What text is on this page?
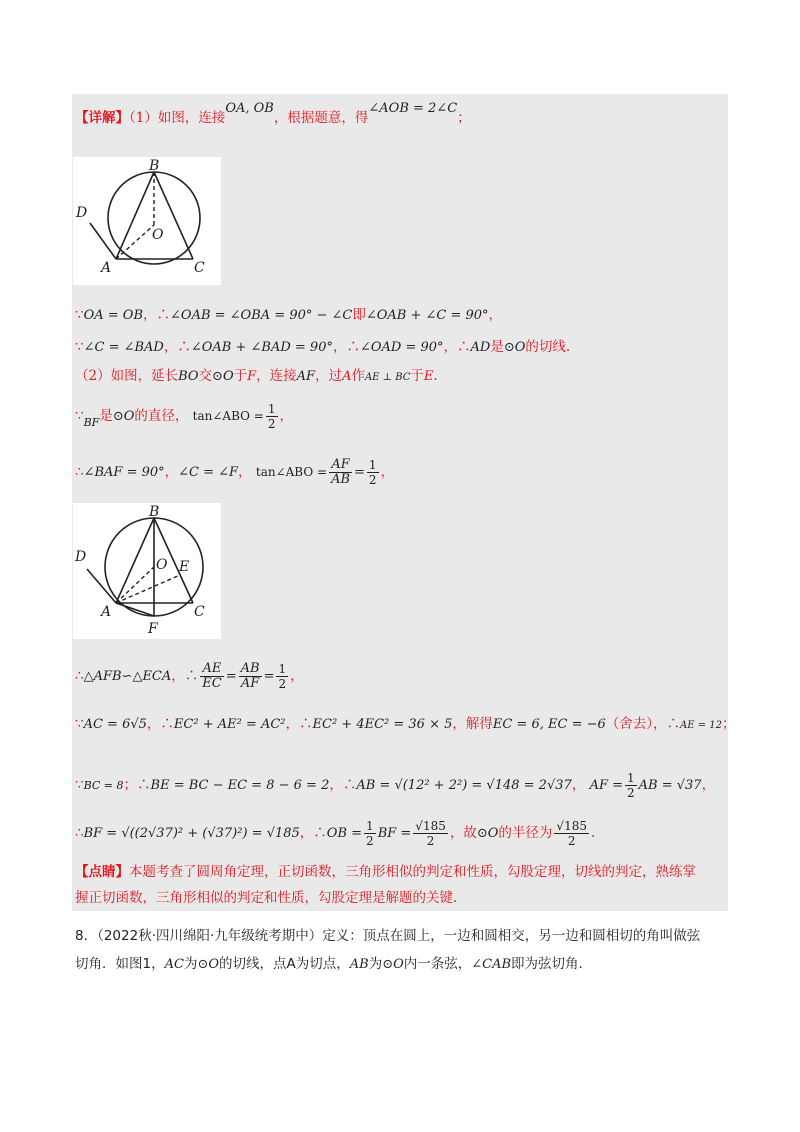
【详解】（1）如图，连接OA, OB，根据题意，得∠AOB = 2∠C；
B
D
O
A	C
∵OA = OB，∴∠OAB = ∠OBA = 90° − ∠C即∠OAB + ∠C = 90°，
∵∠C = ∠BAD，∴∠OAB + ∠BAD = 90°，∴∠OAD = 90°，∴AD是⊙O的切线.
（2）如图，延长BO交⊙O于F，连接AF，过A作AE ⊥ BC于E.
$\because_{BF}$是⊙O的直径， tan∠ABO = $\frac{1}{2}$ ，
∴∠BAF = 90°，∠C = ∠F， tan∠ABO = $\frac{AF}{AB} = \frac{1}{2}$ ，
B
D	O E
A	C
F
∴△AFB∽△ECA，∴ $\frac{AE}{EC} = \frac{AB}{AF} = \frac{1}{2}$ ，
∵AC = 6√5，∴EC² + AE² = AC²，∴EC² + 4EC² = 36 × 5，解得EC = 6, EC = −6（舍去），∴AE = 12；
∵BC = 8；∴BE = BC − EC = 8 − 6 = 2，∴AB = √(12² + 2²) = √148 = 2√37， AF = $\frac{1}{2}$ AB = √37，
∴BF = √((2√37)² + (√37)²) = √185，∴OB = $\frac{1}{2}$ BF = $\frac{√185}{2}$ ，故⊙O的半径为 $\frac{√185}{2}$ .
【点睛】本题考查了圆周角定理，正切函数，三角形相似的判定和性质，勾股定理，切线的判定，熟练掌
握正切函数，三角形相似的判定和性质，勾股定理是解题的关键.
8．（2022秋·四川绵阳·九年级统考期中）定义：顶点在圆上，一边和圆相交，另一边和圆相切的角叫做弦
切角．如图1，AC为⊙O的切线，点A为切点，AB为⊙O内一条弦，∠CAB即为弦切角.
